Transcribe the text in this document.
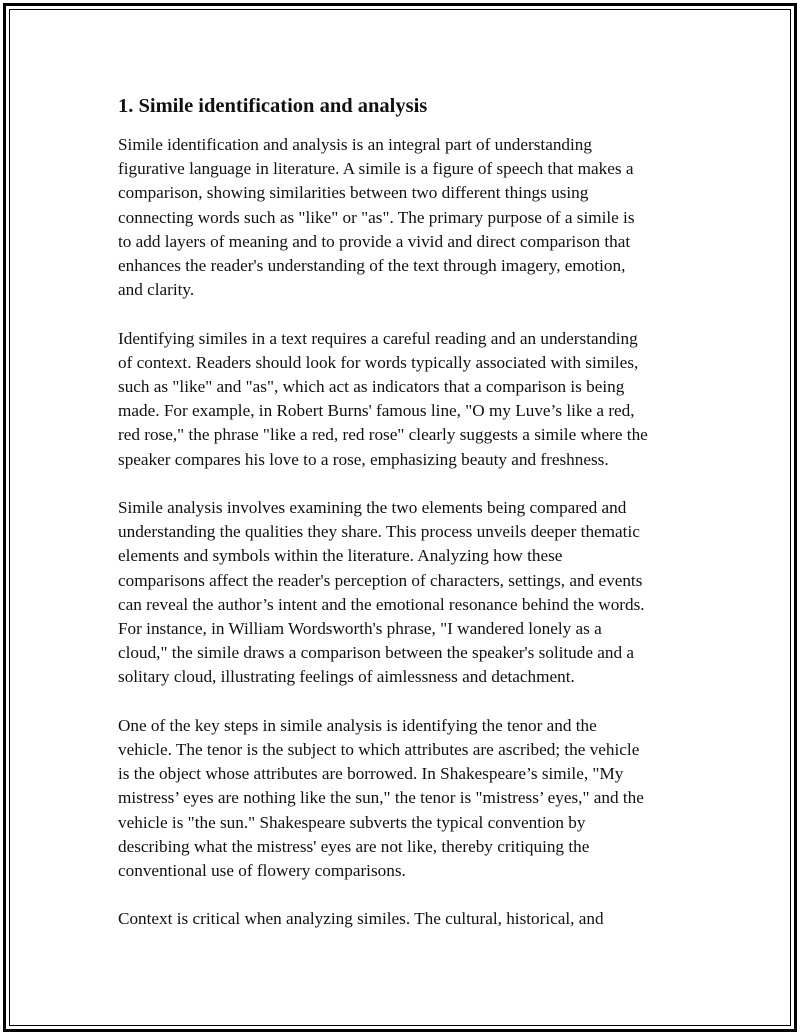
1. Simile identification and analysis

Simile identification and analysis is an integral part of understanding
figurative language in literature. A simile is a figure of speech that makes a
comparison, showing similarities between two different things using
connecting words such as "like" or "as". The primary purpose of a simile is
to add layers of meaning and to provide a vivid and direct comparison that
enhances the reader's understanding of the text through imagery, emotion,
and clarity.

Identifying similes in a text requires a careful reading and an understanding
of context. Readers should look for words typically associated with similes,
such as "like" and "as", which act as indicators that a comparison is being
made. For example, in Robert Burns' famous line, "O my Luve’s like a red,
red rose," the phrase "like a red, red rose" clearly suggests a simile where the
speaker compares his love to a rose, emphasizing beauty and freshness.

Simile analysis involves examining the two elements being compared and
understanding the qualities they share. This process unveils deeper thematic
elements and symbols within the literature. Analyzing how these
comparisons affect the reader's perception of characters, settings, and events
can reveal the author’s intent and the emotional resonance behind the words.
For instance, in William Wordsworth's phrase, "I wandered lonely as a
cloud," the simile draws a comparison between the speaker's solitude and a
solitary cloud, illustrating feelings of aimlessness and detachment.

One of the key steps in simile analysis is identifying the tenor and the
vehicle. The tenor is the subject to which attributes are ascribed; the vehicle
is the object whose attributes are borrowed. In Shakespeare’s simile, "My
mistress’ eyes are nothing like the sun," the tenor is "mistress’ eyes," and the
vehicle is "the sun." Shakespeare subverts the typical convention by
describing what the mistress' eyes are not like, thereby critiquing the
conventional use of flowery comparisons.

Context is critical when analyzing similes. The cultural, historical, and
